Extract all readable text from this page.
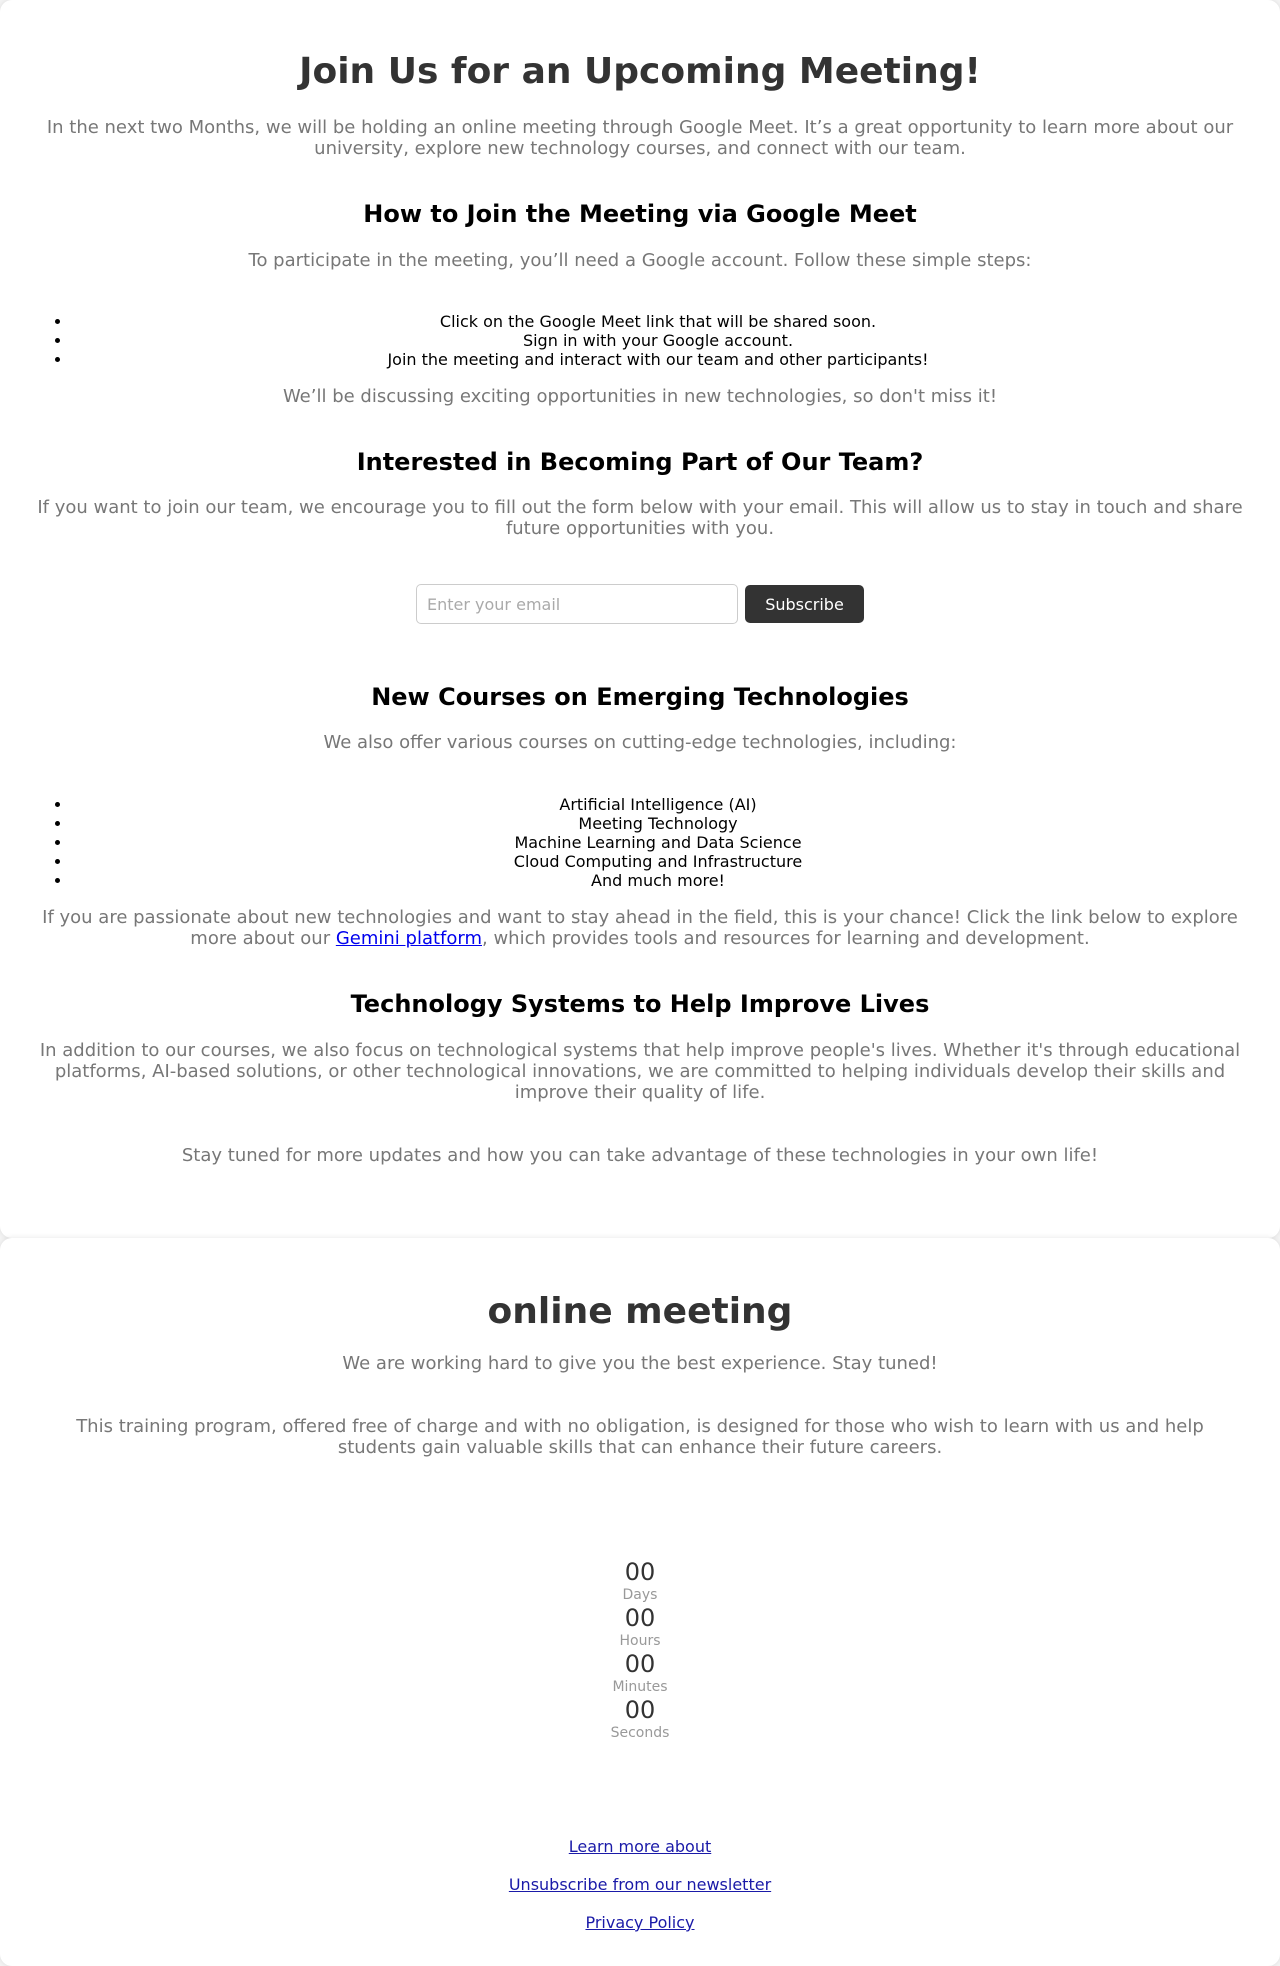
Join Us for an Upcoming Meeting!

In the next two Months, we will be holding an online meeting through Google Meet. It’s a great opportunity to learn more about our university, explore new technology courses, and connect with our team.

How to Join the Meeting via Google Meet

To participate in the meeting, you’ll need a Google account. Follow these simple steps:

• Click on the Google Meet link that will be shared soon.
• Sign in with your Google account.
• Join the meeting and interact with our team and other participants!

We’ll be discussing exciting opportunities in new technologies, so don't miss it!

Interested in Becoming Part of Our Team?

If you want to join our team, we encourage you to fill out the form below with your email. This will allow us to stay in touch and share future opportunities with you.

Enter your email
Subscribe
New Courses on Emerging Technologies

We also offer various courses on cutting-edge technologies, including:

• Artificial Intelligence (AI)
• Meeting Technology
• Machine Learning and Data Science
• Cloud Computing and Infrastructure
• And much more!

If you are passionate about new technologies and want to stay ahead in the field, this is your chance! Click the link below to explore more about our Gemini platform, which provides tools and resources for learning and development.

Technology Systems to Help Improve Lives

In addition to our courses, we also focus on technological systems that help improve people's lives. Whether it's through educational platforms, AI-based solutions, or other technological innovations, we are committed to helping individuals develop their skills and improve their quality of life.

Stay tuned for more updates and how you can take advantage of these technologies in your own life!

online meeting

We are working hard to give you the best experience. Stay tuned!

This training program, offered free of charge and with no obligation, is designed for those who wish to learn with us and help students gain valuable skills that can enhance their future careers.

00
Days
00
Hours
00
Minutes
00
Seconds
Learn more about
Unsubscribe from our newsletter
Privacy Policy
